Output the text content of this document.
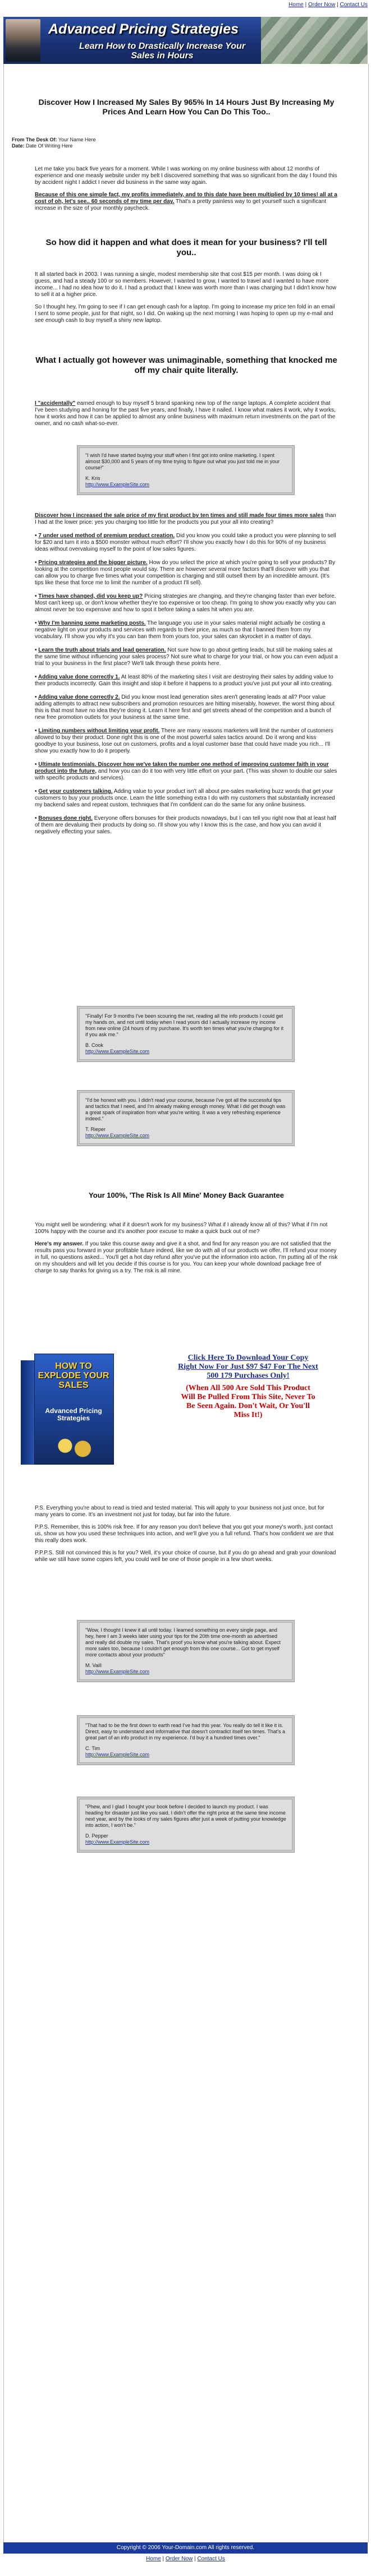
Home | Order Now | Contact Us
Advanced Pricing Strategies
Learn How to Drastically Increase Your Sales in Hours
Discover How I Increased My Sales By 965% In 14 Hours Just By Increasing My Prices And Learn How You Can Do This Too..
From The Desk Of: Your Name Here
Date: Date Of Writing Here

Let me take you back five years for a moment. While I was working on my online business with about 12 months of experience and one measly website under my belt I discovered something that was so significant from the day I found this by accident night I addict I never did business in the same way again.

Because of this one simple fact, my profits immediately, and to this date have been multiplied by 10 times! all at a cost of oh, let's see.. 60 seconds of my time per day. That's a pretty painless way to get yourself such a significant increase in the size of your monthly paycheck.

So how did it happen and what does it mean for your business? I'll tell you..

It all started back in 2003. I was running a single, modest membership site that cost $15 per month. I was doing ok I guess, and had a steady 100 or so members. However, I wanted to grow, I wanted to travel and I wanted to have more income... I had no idea how to do it. I had a product that I knew was worth more than I was charging but I didn't know how to sell it at a higher price.

So I thought hey, I'm going to see if I can get enough cash for a laptop. I'm going to increase my price ten fold in an email I sent to some people, just for that night, so I did. On waking up the next morning I was hoping to open up my e-mail and see enough cash to buy myself a shiny new laptop.

What I actually got however was unimaginable, something that knocked me off my chair quite literally.

I "accidentally" earned enough to buy myself 5 brand spanking new top of the range laptops. A complete accident that I've been studying and honing for the past five years, and finally, I have it nailed. I know what makes it work, why it works, how it works and how it can be applied to almost any online business with maximum return investments on the part of the owner, and no cash what-so-ever.

"I wish I'd have started buying your stuff when I first got into online marketing. I spent almost $30,000 and 5 years of my time trying to figure out what you just told me in your course!"
K. Kris
http://www.ExampleSite.com
Discover how I increased the sale price of my first product by ten times and still made four times more sales than I had at the lower price: yes you charging too little for the products you put your all into creating?
• 7 under used method of premium product creation. Did you know you could take a product you were planning to sell for $20 and turn it into a $500 monster without much effort? I'll show you exactly how I do this for 90% of my business ideas without overvaluing myself to the point of low sales figures.
• Pricing strategies and the bigger picture. How do you select the price at which you're going to sell your products? By looking at the competition most people would say. There are however several more factors that'll discover with you that can allow you to charge five times what your competition is charging and still outsell them by an incredible amount. (It's tips like these that force me to limit the number of a product I'll sell).
• Times have changed, did you keep up? Pricing strategies are changing, and they're changing faster than ever before. Most can't keep up, or don't know whether they're too expensive or too cheap. I'm going to show you exactly why you can almost never be too expensive and how to spot it before taking a sales hit when you are.
• Why I'm banning some marketing posts. The language you use in your sales material might actually be costing a negative light on your products and services with regards to their price, as much so that I banned them from my vocabulary. I'll show you why it's you can ban them from yours too, your sales can skyrocket in a matter of days.
• Learn the truth about trials and lead generation. Not sure how to go about getting leads, but still be making sales at the same time without influencing your sales process? Not sure what to charge for your trial, or how you can even adjust a trial to your business in the first place? We'll talk through these points here.
• Adding value done correctly 1. At least 80% of the marketing sites I visit are destroying their sales by adding value to their products incorrectly. Gain this insight and stop it before it happens to a product you've just put your all into creating.
• Adding value done correctly 2. Did you know most lead generation sites aren't generating leads at all? Poor value adding attempts to attract new subscribers and promotion resources are hitting miserably, however, the worst thing about this is that most have no idea they're doing it. Learn it here first and get streets ahead of the competition and a bunch of new free promotion outlets for your business at the same time.
• Limiting numbers without limiting your profit. There are many reasons marketers will limit the number of customers allowed to buy their product. Done right this is one of the most powerful sales tactics around. Do it wrong and kiss goodbye to your business, lose out on customers, profits and a loyal customer base that could have made you rich... I'll show you exactly how to do it properly.
• Ultimate testimonials. Discover how we've taken the number one method of improving customer faith in your product into the future, and how you can do it too with very little effort on your part. (This was shown to double our sales with specific products and services).
• Get your customers talking. Adding value to your product isn't all about pre-sales marketing buzz words that get your customers to buy your products once. Learn the little something extra I do with my customers that substantially increased my backend sales and repeat custom, techniques that I'm confident can do the same for any online business.
• Bonuses done right. Everyone offers bonuses for their products nowadays, but I can tell you right now that at least half of them are devaluing their products by doing so. I'll show you why I know this is the case, and how you can avoid it negatively effecting your sales.
"Finally! For 9 months I've been scouring the net, reading all the info products I could get my hands on, and not until today when I read yours did I actually increase my income from new online (24 hours of my purchase. It's worth ten times what you're charging for it if you ask me."
B. Cook
http://www.ExampleSite.com
"I'd be honest with you. I didn't read your course, because I've got all the successful tips and tactics that I need, and I'm already making enough money. What I did get though was a great spark of inspiration from what you're writing. It was a very refreshing experience indeed."
T. Rieper
http://www.ExampleSite.com
Your 100%, 'The Risk Is All Mine' Money Back Guarantee

You might well be wondering: what if it doesn't work for my business? What if I already know all of this? What if I'm not 100% happy with the course and it's another poor excuse to make a quick buck out of me?

Here's my answer. If you take this course away and give it a shot, and find for any reason you are not satisfied that the results pass you forward in your profitable future indeed, like we do with all of our products we offer, I'll refund your money in full, no questions asked... You'll get a hot day refund after you've put the information into action. I'm putting all of the risk on my shoulders and will let you decide if this course is for you. You can keep your whole download package free of charge to say thanks for giving us a try. The risk is all mine.

HOW TO EXPLODE YOUR SALES
Advanced Pricing Strategies
Click Here To Download Your Copy Right Now For Just $97 $47 For The Next 500 179 Purchases Only!
(When All 500 Are Sold This Product Will Be Pulled From This Site, Never To Be Seen Again. Don't Wait, Or You'll Miss It!)

P.S. Everything you're about to read is tried and tested material. This will apply to your business not just once, but for many years to come. It's an investment not just for today, but far into the future.

P.P.S. Remember, this is 100% risk free. If for any reason you don't believe that you got your money's worth, just contact us, show us how you used these techniques into action, and we'll give you a full refund. That's how confident we are that this really does work.

P.P.P.S. Still not convinced this is for you? Well, it's your choice of course, but if you do go ahead and grab your download while we still have some copies left, you could well be one of those people in a few short weeks.

"Wow, I thought I knew it all until today. I learned something on every single page, and hey, here I am 3 weeks later using your tips for the 20th time one-month as advertised and really did double my sales. That's proof you know what you're talking about. Expect more sales too, because I couldn't get enough from this one course... Got to get myself more contacts about your products"
M. Vaill
http://www.ExampleSite.com
"That had to be the first down to earth read I've had this year. You really do tell it like it is. Direct, easy to understand and informative that doesn't contradict itself ten times. That's a great part of an info product in my experience. I'd buy it a hundred times over."
C. Tim
http://www.ExampleSite.com
"Phew, and I glad I bought your book before I decided to launch my product. I was heading for disaster just like you said, I didn't offer the right price at the same time income next year, and by the looks of my sales figures after just a week of putting your knowledge into action, I won't be."
D. Pepper
http://www.ExampleSite.com
Copyright © 2006 Your-Domain.com All rights reserved.
Home | Order Now | Contact Us
